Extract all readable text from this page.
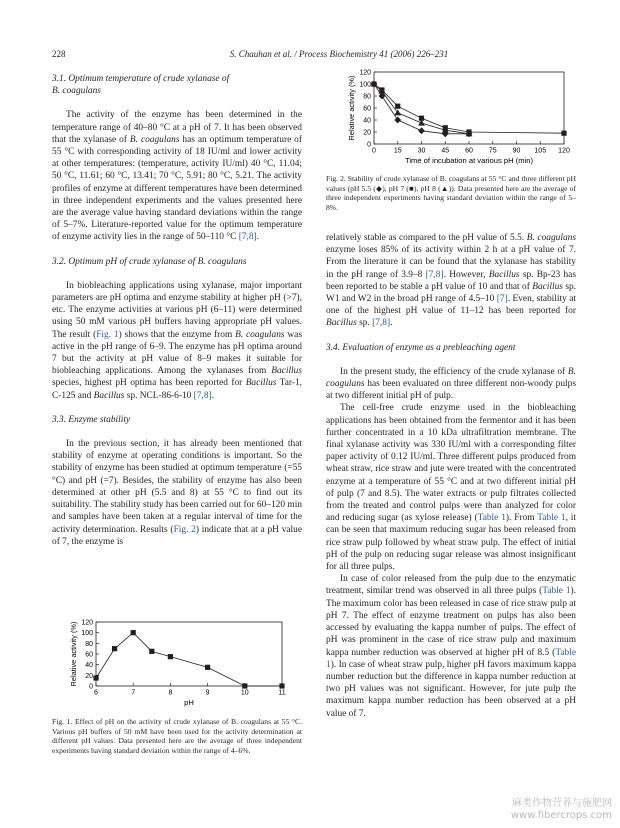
228	S. Chauhan et al. / Process Biochemistry 41 (2006) 226–231

3.1. Optimum temperature of crude xylanase of
B. coagulans

The activity of the enzyme has been determined in the temperature range of 40–80 °C at a pH of 7. It has been observed that the xylanase of B. coagulans has an optimum temperature of 55 °C with corresponding activity of 18 IU/ml and lower activity at other temperatures: (temperature, activity IU/ml) 40 °C, 11.04; 50 °C, 11.61; 60 °C, 13.41; 70 °C, 5.91; 80 °C, 5.21. The activity profiles of enzyme at different temperatures have been determined in three independent experiments and the values presented here are the average value having standard deviations within the range of 5–7%. Literature-reported value for the optimum temperature of enzyme activity lies in the range of 50–110 °C [7,8].

3.2. Optimum pH of crude xylanase of B. coagulans

In biobleaching applications using xylanase, major important parameters are pH optima and enzyme stability at higher pH (>7), etc. The enzyme activities at various pH (6–11) were determined using 50 mM various pH buffers having appropriate pH values. The result (Fig. 1) shows that the enzyme from B. coagulans was active in the pH range of 6–9. The enzyme has pH optima around 7 but the activity at pH value of 8–9 makes it suitable for biobleaching applications. Among the xylanases from Bacillus species, highest pH optima has been reported for Bacillus Tar-1, C-125 and Bacillus sp. NCL-86-6-10 [7,8].

3.3. Enzyme stability

In the previous section, it has already been mentioned that stability of enzyme at operating conditions is important. So the stability of enzyme has been studied at optimum temperature (=55 °C) and pH (=7). Besides, the stability of enzyme has also been determined at other pH (5.5 and 8) at 55 °C to find out its suitability. The stability study has been carried out for 60–120 min and samples have been taken at a regular interval of time for the activity determination. Results (Fig. 2) indicate that at a pH value of 7, the enzyme is

0
20
40
60
80
100
120
6	7	8	9	10	11
pH
Relative activity (%)
Fig. 1. Effect of pH on the activity of crude xylanase of B. coagulans at 55 °C. Various pH buffers of 50 mM have been used for the activity determination at different pH values. Data presented here are the average of three independent experiments having standard deviation within the range of 4–6%.
0
20
40
60
80
100
120
0	15 30 45 60 75 90 105 120
Time of incubation at various pH (min)
Relative activity (%)
Fig. 2. Stability of crude xylanase of B. coagulans at 55 °C and three different pH values (pH 5.5 (◆), pH 7 (■), pH 8 (▲)). Data presented here are the average of three independent experiments having standard deviation within the range of 5–8%.

relatively stable as compared to the pH value of 5.5. B. coagulans enzyme loses 85% of its activity within 2 h at a pH value of 7. From the literature it can be found that the xylanase has stability in the pH range of 3.9–8 [7,8]. However, Bacillus sp. Bp-23 has been reported to be stable a pH value of 10 and that of Bacillus sp. W1 and W2 in the broad pH range of 4.5–10 [7]. Even, stability at one of the highest pH value of 11–12 has been reported for Bacillus sp. [7,8].

3.4. Evaluation of enzyme as a prebleaching agent

In the present study, the efficiency of the crude xylanase of B. coagulans has been evaluated on three different non-woody pulps at two different initial pH of pulp.

The cell-free crude enzyme used in the biobleaching applications has been obtained from the fermentor and it has been further concentrated in a 10 kDa ultrafiltration membrane. The final xylanase activity was 330 IU/ml with a corresponding filter paper activity of 0.12 IU/ml. Three different pulps produced from wheat straw, rice straw and jute were treated with the concentrated enzyme at a temperature of 55 °C and at two different initial pH of pulp (7 and 8.5). The water extracts or pulp filtrates collected from the treated and control pulps were than analyzed for color and reducing sugar (as xylose release) (Table 1). From Table 1, it can be seen that maximum reducing sugar has been released from rice straw pulp followed by wheat straw pulp. The effect of initial pH of the pulp on reducing sugar release was almost insignificant for all three pulps.

In case of color released from the pulp due to the enzymatic treatment, similar trend was observed in all three pulps (Table 1). The maximum color has been released in case of rice straw pulp at pH 7. The effect of enzyme treatment on pulps has also been accessed by evaluating the kappa number of pulps. The effect of pH was prominent in the case of rice straw pulp and maximum kappa number reduction was observed at higher pH of 8.5 (Table 1). In case of wheat straw pulp, higher pH favors maximum kappa number reduction but the difference in kappa number reduction at two pH values was not significant. However, for jute pulp the maximum kappa number reduction has been observed at a pH value of 7.

麻类作物营养与施肥网
www.fibercrops.com
